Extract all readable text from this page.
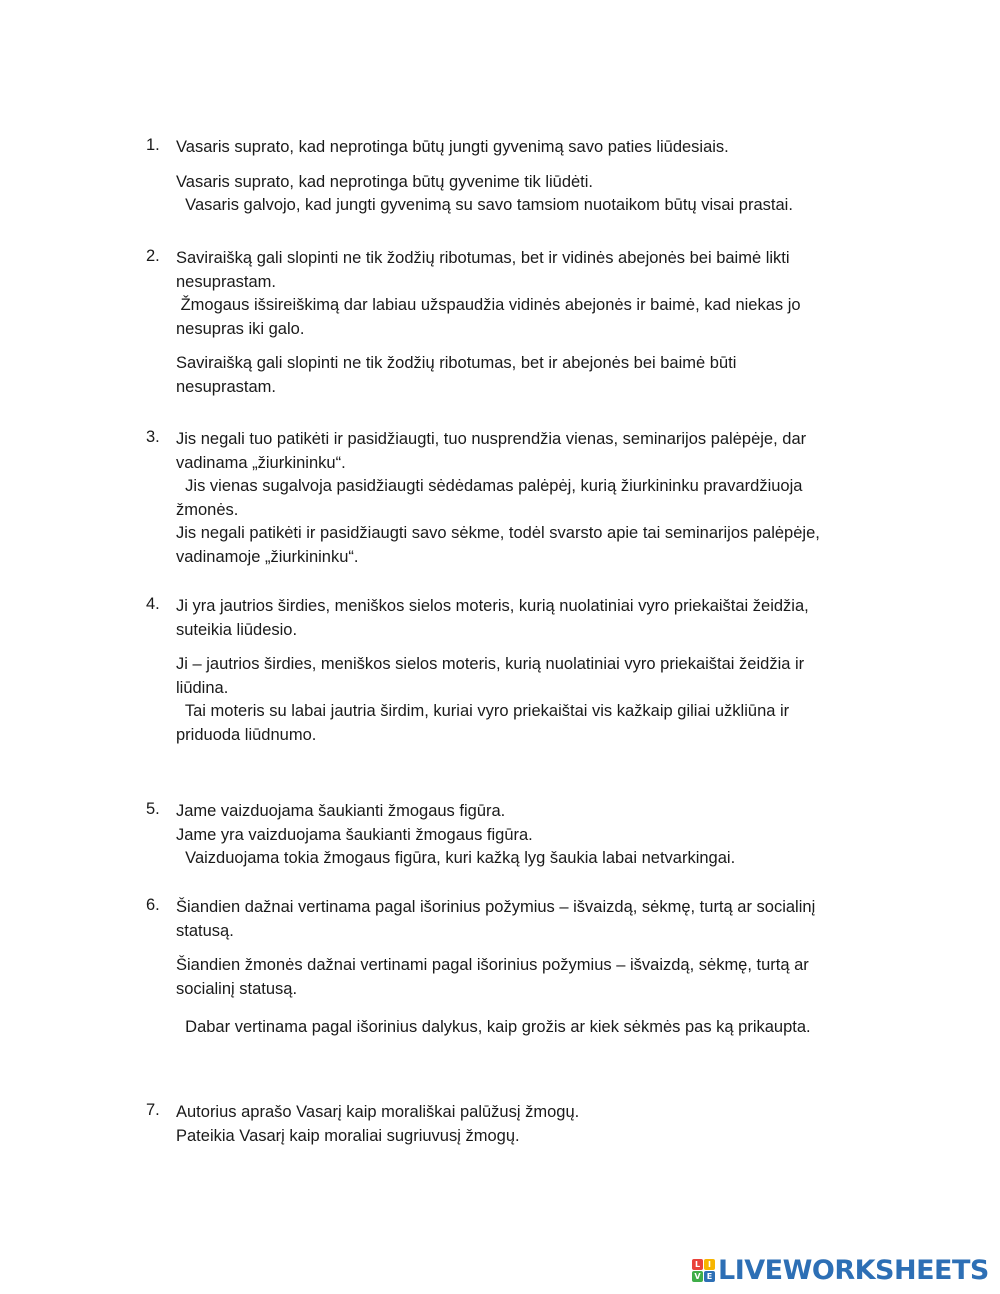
1. Vasaris suprato, kad neprotinga būtų jungti gyvenimą savo paties liūdesiais.
Vasaris suprato, kad neprotinga būtų gyvenime tik liūdėti.
Vasaris galvojo, kad jungti gyvenimą su savo tamsiom nuotaikom būtų visai prastai.
2. Saviraišką gali slopinti ne tik žodžių ribotumas, bet ir vidinės abejonės bei baimė likti
nesuprastam.
Žmogaus išsireiškimą dar labiau užspaudžia vidinės abejonės ir baimė, kad niekas jo
nesupras iki galo.
Saviraišką gali slopinti ne tik žodžių ribotumas, bet ir abejonės bei baimė būti
nesuprastam.
3. Jis negali tuo patikėti ir pasidžiaugti, tuo nusprendžia vienas, seminarijos palėpėje, dar
vadinama „žiurkininku“.
Jis vienas sugalvoja pasidžiaugti sėdėdamas palėpėj, kurią žiurkininku pravardžiuoja
žmonės.
Jis negali patikėti ir pasidžiaugti savo sėkme, todėl svarsto apie tai seminarijos palėpėje,
vadinamoje „žiurkininku“.
4. Ji yra jautrios širdies, meniškos sielos moteris, kurią nuolatiniai vyro priekaištai žeidžia,
suteikia liūdesio.
Ji – jautrios širdies, meniškos sielos moteris, kurią nuolatiniai vyro priekaištai žeidžia ir
liūdina.
Tai moteris su labai jautria širdim, kuriai vyro priekaištai vis kažkaip giliai užkliūna ir
priduoda liūdnumo.
5. Jame vaizduojama šaukianti žmogaus figūra.
Jame yra vaizduojama šaukianti žmogaus figūra.
Vaizduojama tokia žmogaus figūra, kuri kažką lyg šaukia labai netvarkingai.
6. Šiandien dažnai vertinama pagal išorinius požymius – išvaizdą, sėkmę, turtą ar socialinį
statusą.
Šiandien žmonės dažnai vertinami pagal išorinius požymius – išvaizdą, sėkmę, turtą ar
socialinį statusą.
Dabar vertinama pagal išorinius dalykus, kaip grožis ar kiek sėkmės pas ką prikaupta.
7. Autorius aprašo Vasarį kaip morališkai palūžusį žmogų.
Pateikia Vasarį kaip moraliai sugriuvusį žmogų.
L I
V E LIVEWORKSHEETS
